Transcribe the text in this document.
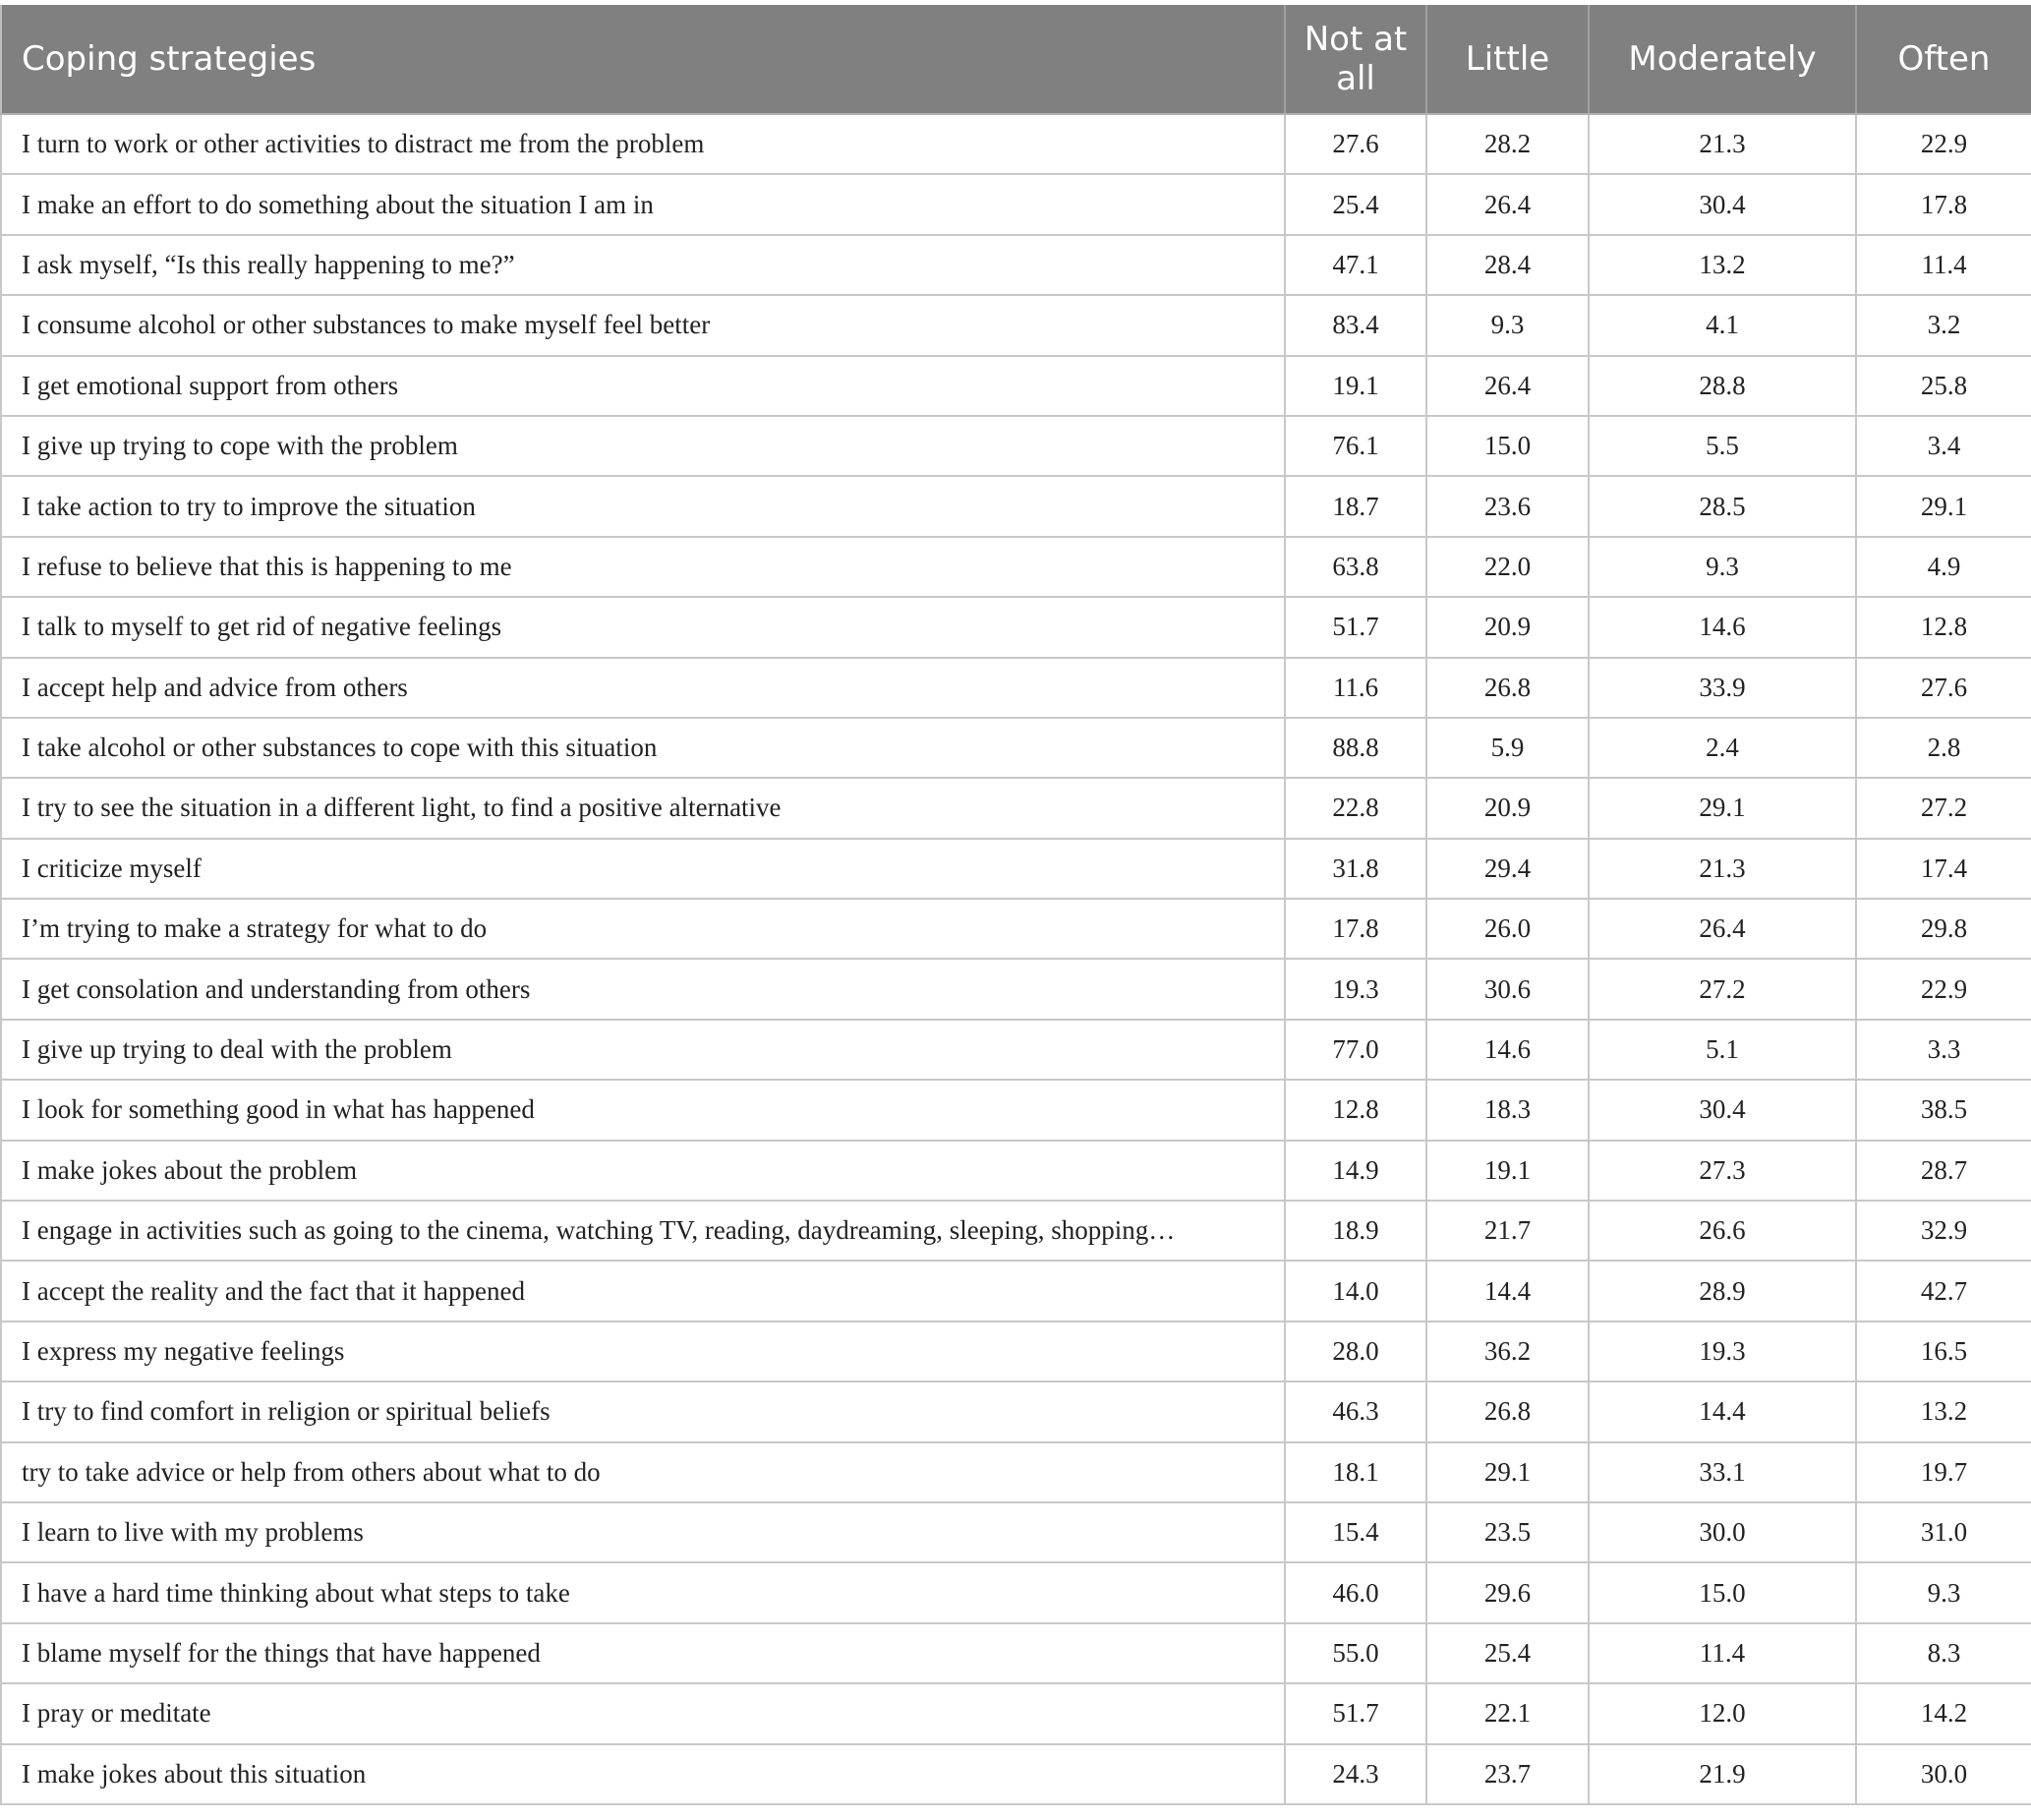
Coping strategies	Not at all	Little	Moderately	Often
I turn to work or other activities to distract me from the problem	27.6	28.2	21.3	22.9
I make an effort to do something about the situation I am in	25.4	26.4	30.4	17.8
I ask myself, “Is this really happening to me?”	47.1	28.4	13.2	11.4
I consume alcohol or other substances to make myself feel better	83.4	9.3	4.1	3.2
I get emotional support from others	19.1	26.4	28.8	25.8
I give up trying to cope with the problem	76.1	15.0	5.5	3.4
I take action to try to improve the situation	18.7	23.6	28.5	29.1
I refuse to believe that this is happening to me	63.8	22.0	9.3	4.9
I talk to myself to get rid of negative feelings	51.7	20.9	14.6	12.8
I accept help and advice from others	11.6	26.8	33.9	27.6
I take alcohol or other substances to cope with this situation	88.8	5.9	2.4	2.8
I try to see the situation in a different light, to find a positive alternative	22.8	20.9	29.1	27.2
I criticize myself	31.8	29.4	21.3	17.4
I’m trying to make a strategy for what to do	17.8	26.0	26.4	29.8
I get consolation and understanding from others	19.3	30.6	27.2	22.9
I give up trying to deal with the problem	77.0	14.6	5.1	3.3
I look for something good in what has happened	12.8	18.3	30.4	38.5
I make jokes about the problem	14.9	19.1	27.3	28.7
I engage in activities such as going to the cinema, watching TV, reading, daydreaming, sleeping, shopping…	18.9	21.7	26.6	32.9
I accept the reality and the fact that it happened	14.0	14.4	28.9	42.7
I express my negative feelings	28.0	36.2	19.3	16.5
I try to find comfort in religion or spiritual beliefs	46.3	26.8	14.4	13.2
try to take advice or help from others about what to do	18.1	29.1	33.1	19.7
I learn to live with my problems	15.4	23.5	30.0	31.0
I have a hard time thinking about what steps to take	46.0	29.6	15.0	9.3
I blame myself for the things that have happened	55.0	25.4	11.4	8.3
I pray or meditate	51.7	22.1	12.0	14.2
I make jokes about this situation	24.3	23.7	21.9	30.0
